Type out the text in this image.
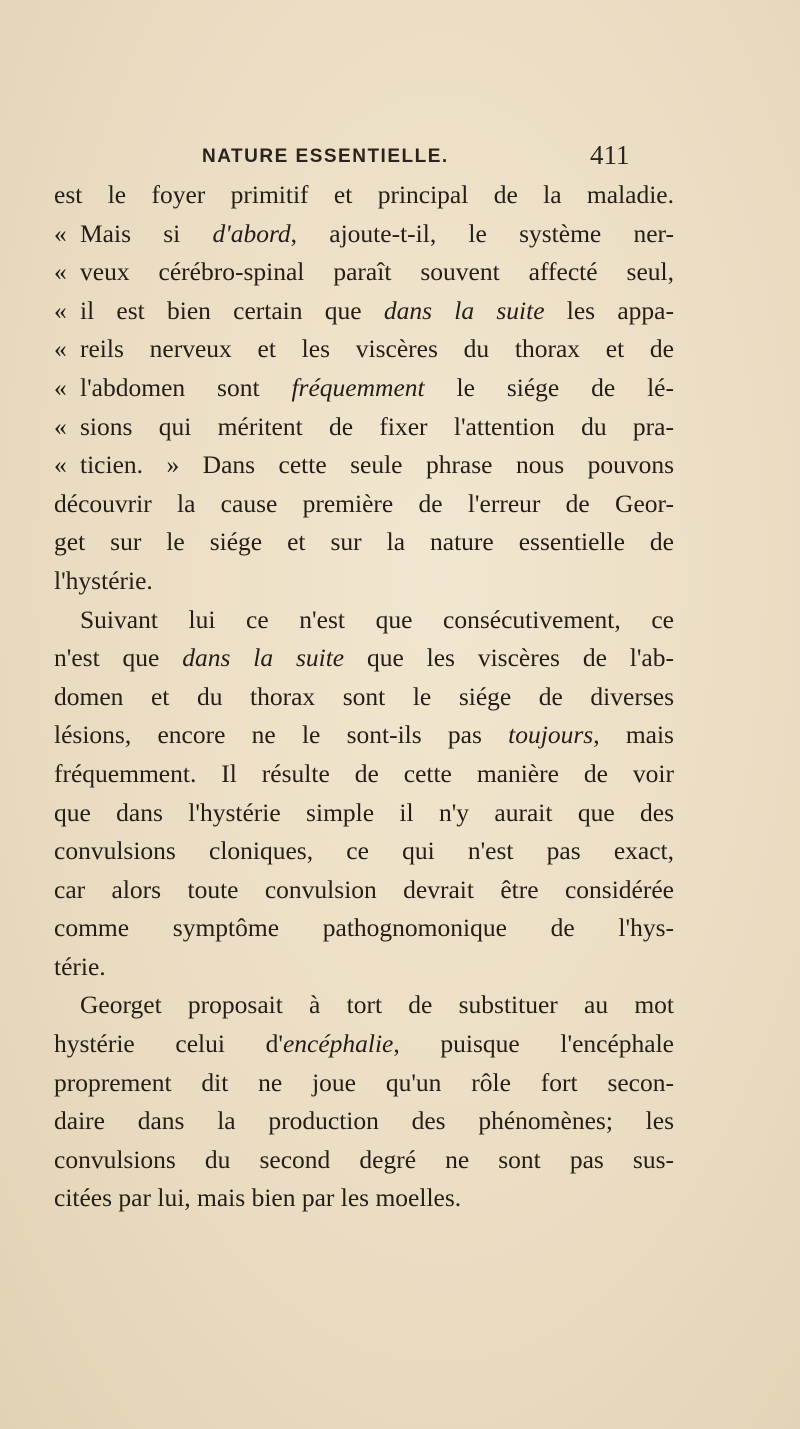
NATURE ESSENTIELLE.	411
est le foyer primitif et principal de la maladie.
« Mais si d'abord, ajoute-t-il, le système ner-
« veux cérébro-spinal paraît souvent affecté seul,
« il est bien certain que dans la suite les appa-
« reils nerveux et les viscères du thorax et de
« l'abdomen sont fréquemment le siége de lé-
« sions qui méritent de fixer l'attention du pra-
« ticien. » Dans cette seule phrase nous pouvons
découvrir la cause première de l'erreur de Geor-
get sur le siége et sur la nature essentielle de
l'hystérie.
Suivant lui ce n'est que consécutivement, ce
n'est que dans la suite que les viscères de l'ab-
domen et du thorax sont le siége de diverses
lésions, encore ne le sont-ils pas toujours, mais
fréquemment. Il résulte de cette manière de voir
que dans l'hystérie simple il n'y aurait que des
convulsions cloniques, ce qui n'est pas exact,
car alors toute convulsion devrait être considérée
comme symptôme pathognomonique de l'hys-
térie.
Georget proposait à tort de substituer au mot
hystérie celui d'encéphalie, puisque l'encéphale
proprement dit ne joue qu'un rôle fort secon-
daire dans la production des phénomènes; les
convulsions du second degré ne sont pas sus-
citées par lui, mais bien par les moelles.
